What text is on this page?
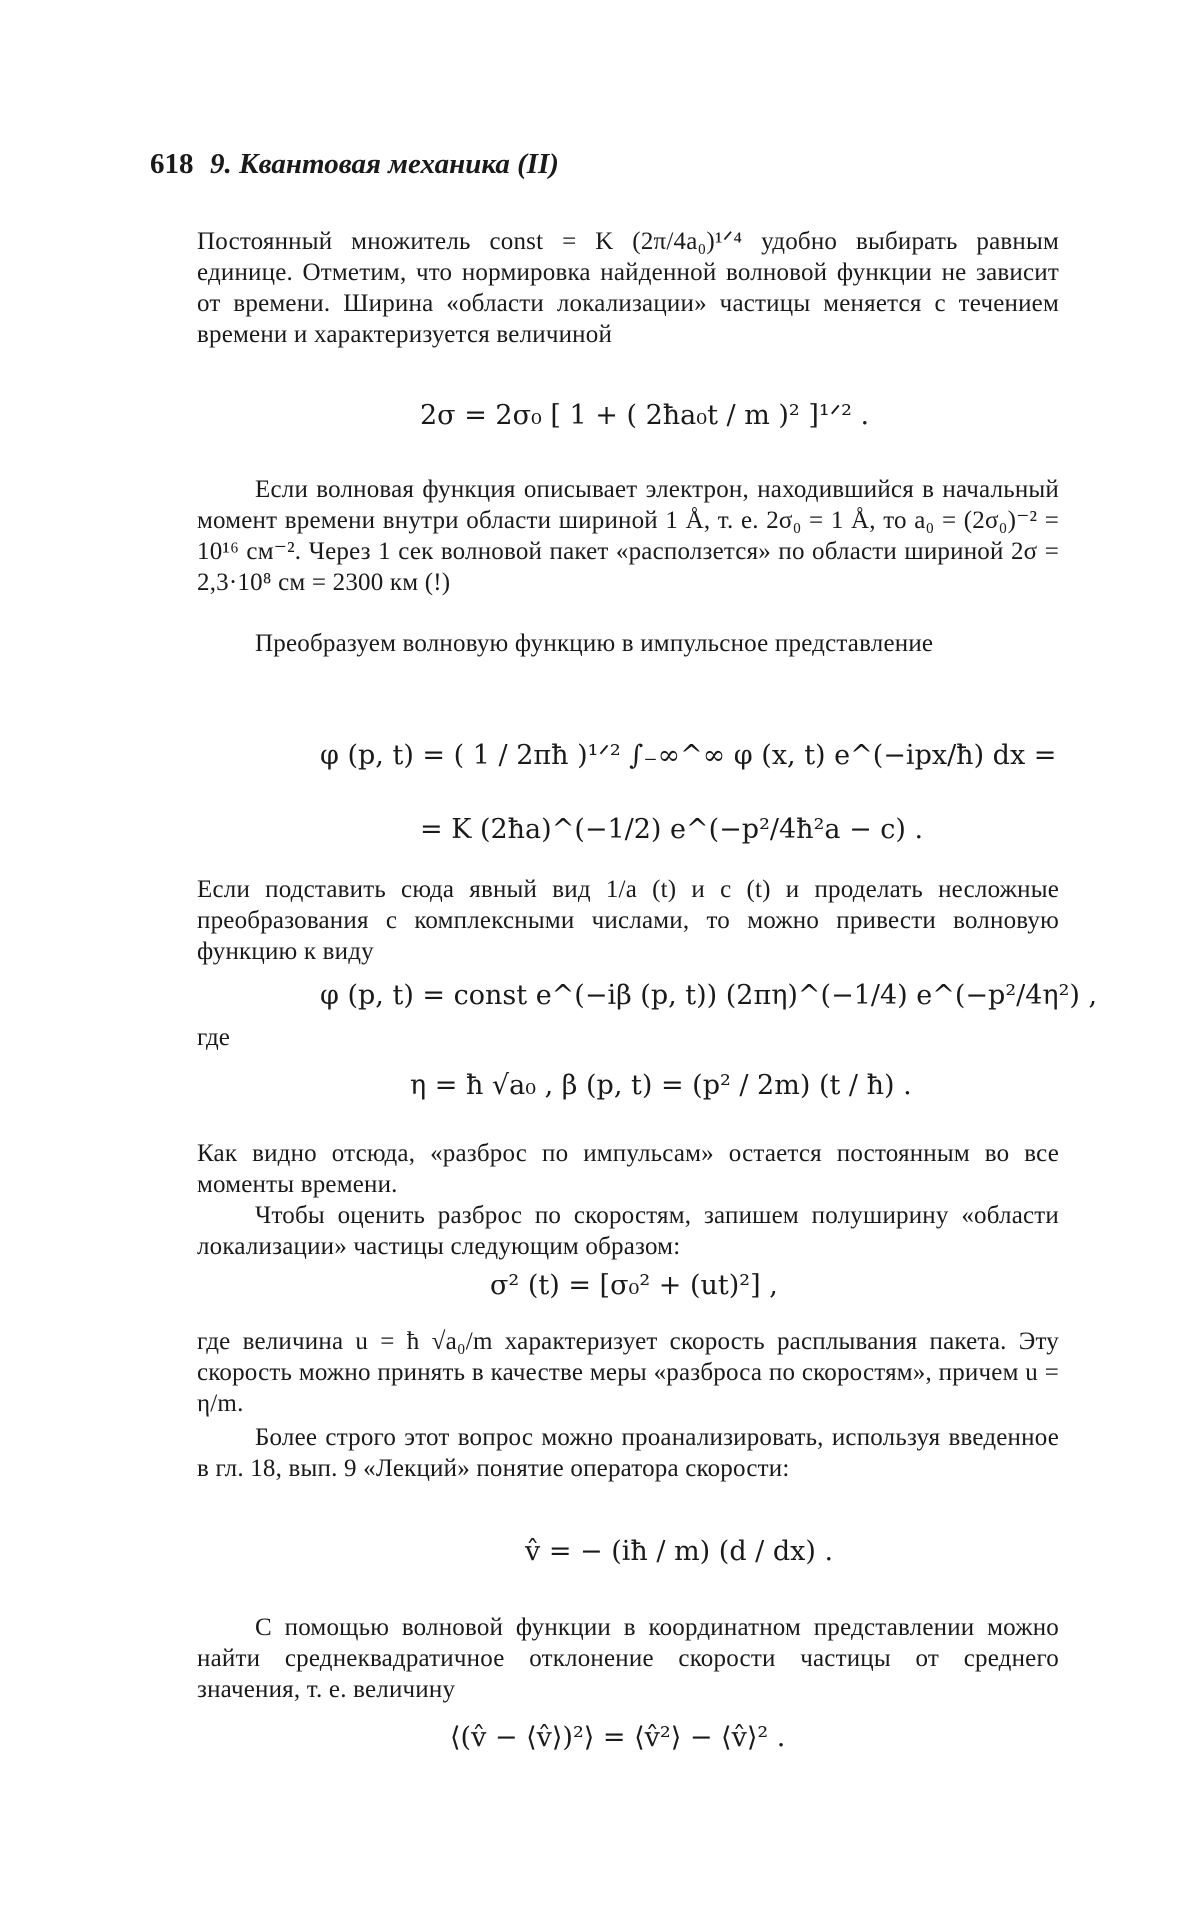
618 9. Квантовая механика (II)
Постоянный множитель const = K (2π/4a₀)¹ᐟ⁴ удобно выбирать равным единице. Отметим, что нормировка найденной волновой функции не зависит от времени. Ширина «области локализации» частицы меняется с течением времени и характеризуется величиной
2σ = 2σ₀ [ 1 + ( 2ħa₀t / m )² ]¹ᐟ² .
Если волновая функция описывает электрон, находившийся в начальный момент времени внутри области шириной 1 Å, т. е. 2σ₀ = 1 Å, то a₀ = (2σ₀)⁻² = 10¹⁶ см⁻². Через 1 сек волновой пакет «расползется» по области шириной 2σ = 2,3·10⁸ см = 2300 км (!)
Преобразуем волновую функцию в импульсное представление
φ (p, t) = ( 1 / 2πħ )¹ᐟ² ∫₋∞^∞ φ (x, t) e^(−ipx/ħ) dx =
= K (2ħa)^(−1/2) e^(−p²/4ħ²a − c) .
Если подставить сюда явный вид 1/a (t) и c (t) и проделать несложные преобразования с комплексными числами, то можно привести волновую функцию к виду
φ (p, t) = const e^(−iβ (p, t)) (2πη)^(−1/4) e^(−p²/4η²) ,
где
η = ħ √a₀ , β (p, t) = (p² / 2m) (t / ħ) .
Как видно отсюда, «разброс по импульсам» остается постоянным во все моменты времени.
Чтобы оценить разброс по скоростям, запишем полуширину «области локализации» частицы следующим образом:
σ² (t) = [σ₀² + (ut)²] ,
где величина u = ħ √a₀/m характеризует скорость расплывания пакета. Эту скорость можно принять в качестве меры «разброса по скоростям», причем u = η/m.
Более строго этот вопрос можно проанализировать, используя введенное в гл. 18, вып. 9 «Лекций» понятие оператора скорости:
v̂ = − (iħ / m) (d / dx) .
С помощью волновой функции в координатном представлении можно найти среднеквадратичное отклонение скорости частицы от среднего значения, т. е. величину
⟨(v̂ − ⟨v̂⟩)²⟩ = ⟨v̂²⟩ − ⟨v̂⟩² .
